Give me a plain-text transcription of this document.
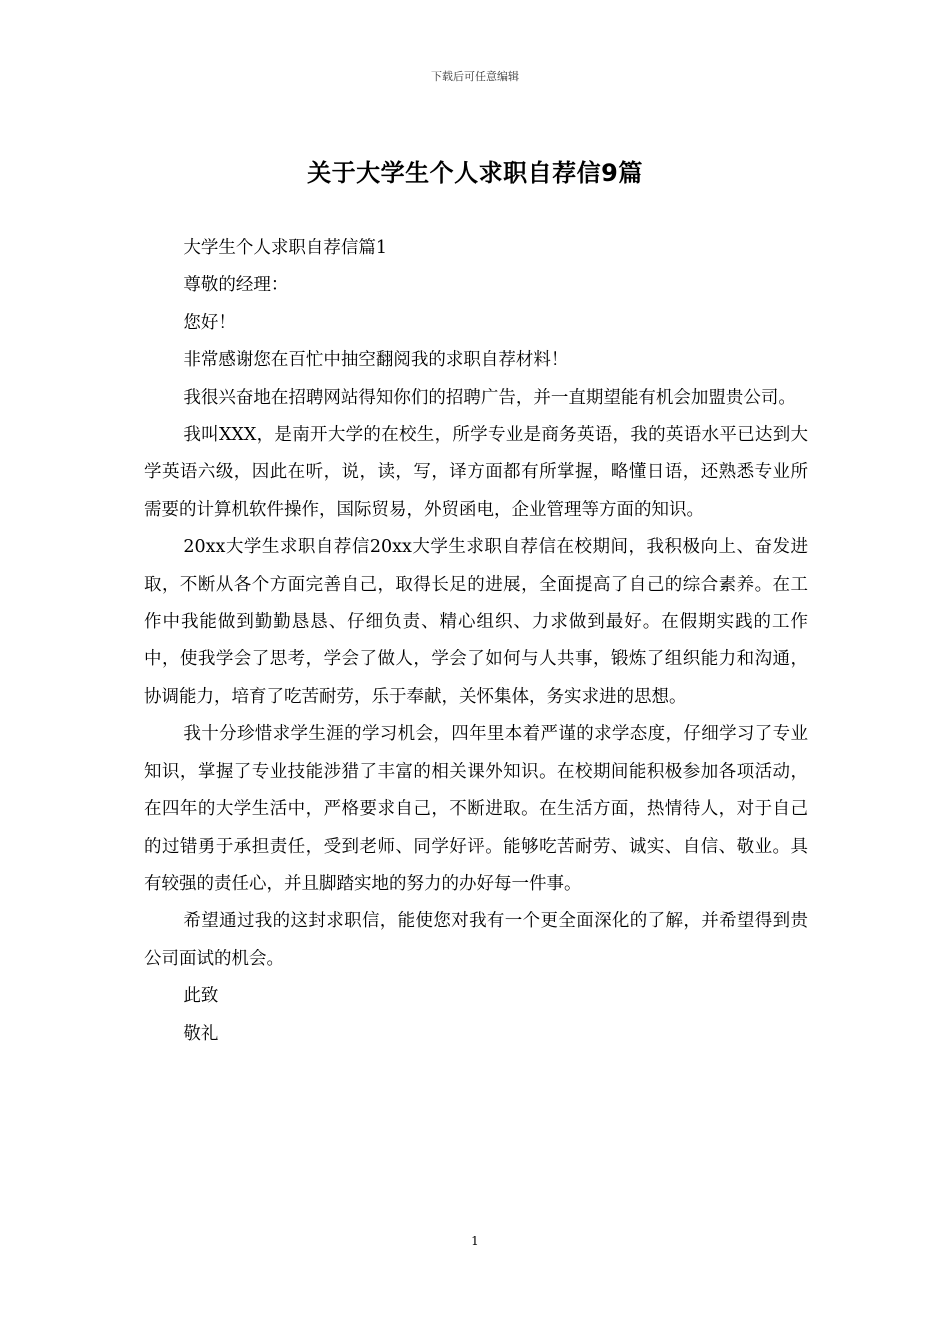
下载后可任意编辑
关于大学生个人求职自荐信9篇

大学生个人求职自荐信篇1

尊敬的经理：

您好！

非常感谢您在百忙中抽空翻阅我的求职自荐材料！

我很兴奋地在招聘网站得知你们的招聘广告，并一直期望能有机会加盟贵公司。

我叫XXX，是南开大学的在校生，所学专业是商务英语，我的英语水平已达到大学英语六级，因此在听，说，读，写，译方面都有所掌握，略懂日语，还熟悉专业所需要的计算机软件操作，国际贸易，外贸函电，企业管理等方面的知识。

20xx大学生求职自荐信20xx大学生求职自荐信在校期间，我积极向上、奋发进取，不断从各个方面完善自己，取得长足的进展，全面提高了自己的综合素养。在工作中我能做到勤勤恳恳、仔细负责、精心组织、力求做到最好。在假期实践的工作中，使我学会了思考，学会了做人，学会了如何与人共事，锻炼了组织能力和沟通，协调能力，培育了吃苦耐劳，乐于奉献，关怀集体，务实求进的思想。

我十分珍惜求学生涯的学习机会，四年里本着严谨的求学态度，仔细学习了专业知识，掌握了专业技能涉猎了丰富的相关课外知识。在校期间能积极参加各项活动，在四年的大学生活中，严格要求自己，不断进取。在生活方面，热情待人，对于自己的过错勇于承担责任，受到老师、同学好评。能够吃苦耐劳、诚实、自信、敬业。具有较强的责任心，并且脚踏实地的努力的办好每一件事。

希望通过我的这封求职信，能使您对我有一个更全面深化的了解，并希望得到贵公司面试的机会。

此致

敬礼

1
